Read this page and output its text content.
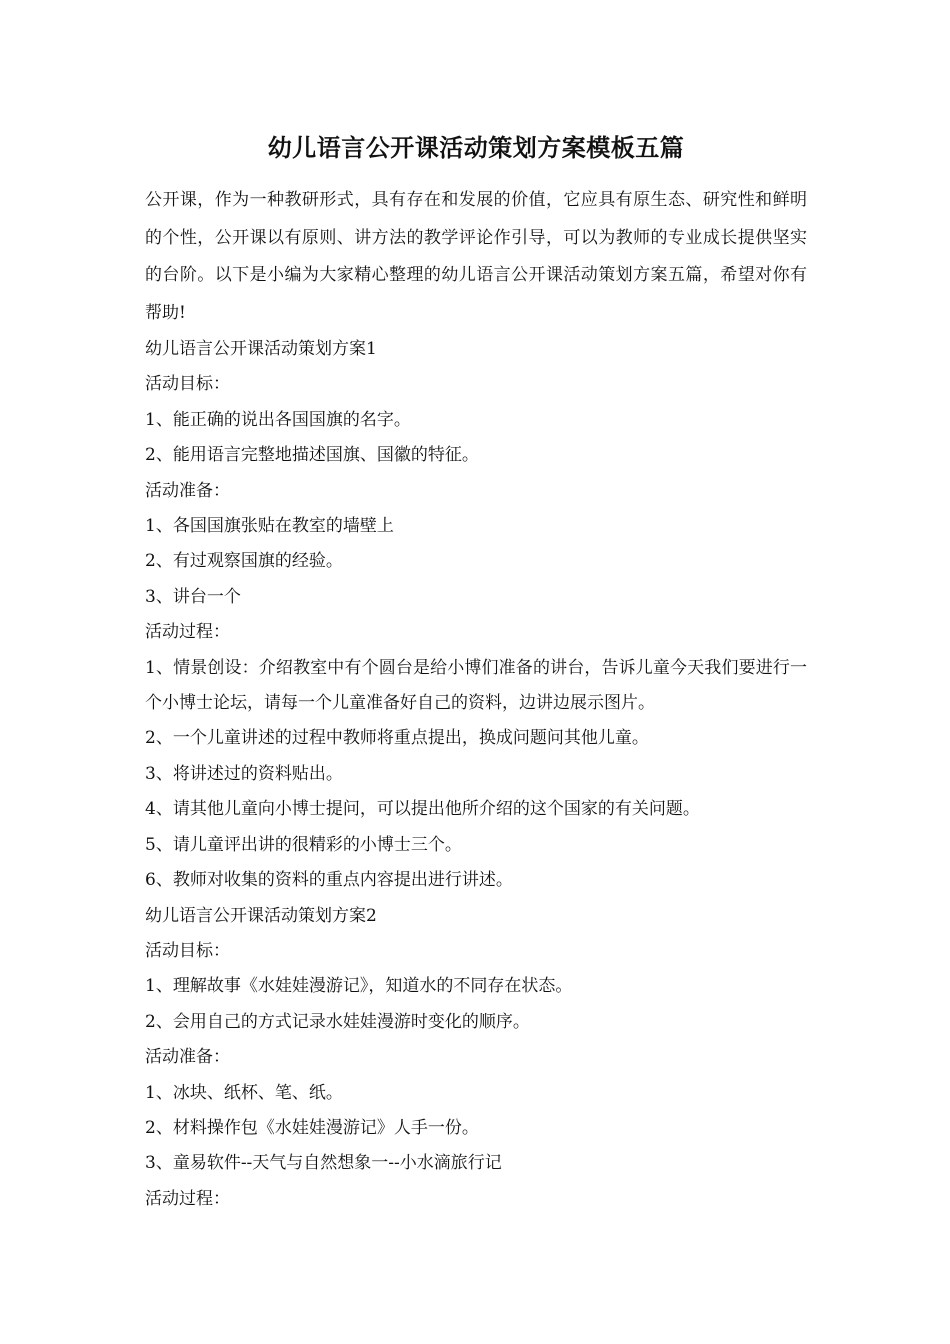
幼儿语言公开课活动策划方案模板五篇

公开课，作为一种教研形式，具有存在和发展的价值，它应具有原生态、研究性和鲜明的个性，公开课以有原则、讲方法的教学评论作引导，可以为教师的专业成长提供坚实的台阶。以下是小编为大家精心整理的幼儿语言公开课活动策划方案五篇，希望对你有帮助!

幼儿语言公开课活动策划方案1

活动目标：

1、能正确的说出各国国旗的名字。

2、能用语言完整地描述国旗、国徽的特征。

活动准备：

1、各国国旗张贴在教室的墙壁上

2、有过观察国旗的经验。

3、讲台一个

活动过程：

1、情景创设：介绍教室中有个圆台是给小博们准备的讲台，告诉儿童今天我们要进行一个小博士论坛，请每一个儿童准备好自己的资料，边讲边展示图片。

2、一个儿童讲述的过程中教师将重点提出，换成问题问其他儿童。

3、将讲述过的资料贴出。

4、请其他儿童向小博士提问，可以提出他所介绍的这个国家的有关问题。

5、请儿童评出讲的很精彩的小博士三个。

6、教师对收集的资料的重点内容提出进行讲述。

幼儿语言公开课活动策划方案2

活动目标：

1、理解故事《水娃娃漫游记》，知道水的不同存在状态。

2、会用自己的方式记录水娃娃漫游时变化的顺序。

活动准备：

1、冰块、纸杯、笔、纸。

2、材料操作包《水娃娃漫游记》人手一份。

3、童易软件--天气与自然想象一--小水滴旅行记

活动过程：
